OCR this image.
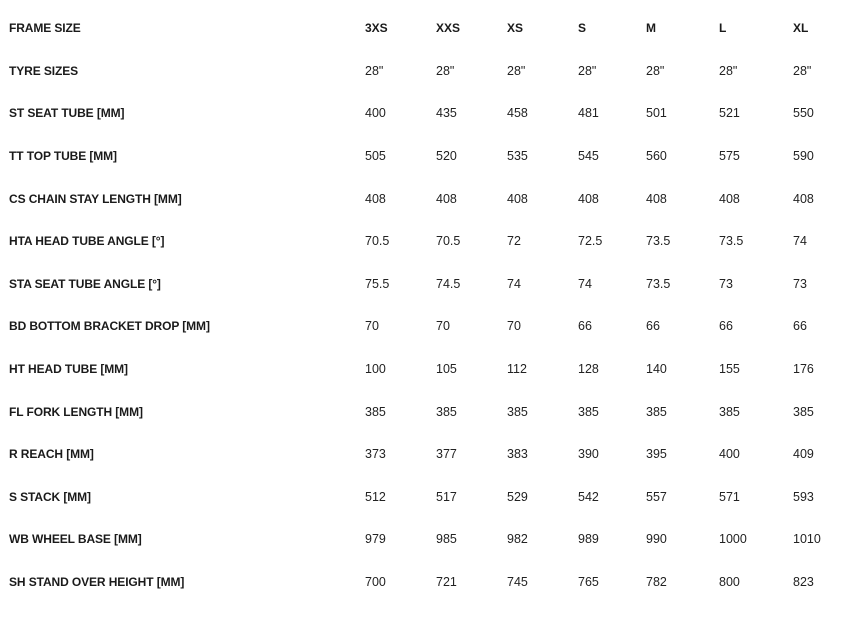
FRAME SIZE	3XS	XXS	XS	S	M	L	XL
TYRE SIZES	28"	28"	28"	28"	28"	28"	28"
ST SEAT TUBE [MM]	400	435	458	481	501	521	550
TT TOP TUBE [MM]	505	520	535	545	560	575	590
CS CHAIN STAY LENGTH [MM]	408	408	408	408	408	408	408
HTA HEAD TUBE ANGLE [°]	70.5	70.5	72	72.5	73.5	73.5	74
STA SEAT TUBE ANGLE [°]	75.5	74.5	74	74	73.5	73	73
BD BOTTOM BRACKET DROP [MM]	70	70	70	66	66	66	66
HT HEAD TUBE [MM]	100	105	112	128	140	155	176
FL FORK LENGTH [MM]	385	385	385	385	385	385	385
R REACH [MM]	373	377	383	390	395	400	409
S STACK [MM]	512	517	529	542	557	571	593
WB WHEEL BASE [MM]	979	985	982	989	990	1000	1010
SH STAND OVER HEIGHT [MM]	700	721	745	765	782	800	823
